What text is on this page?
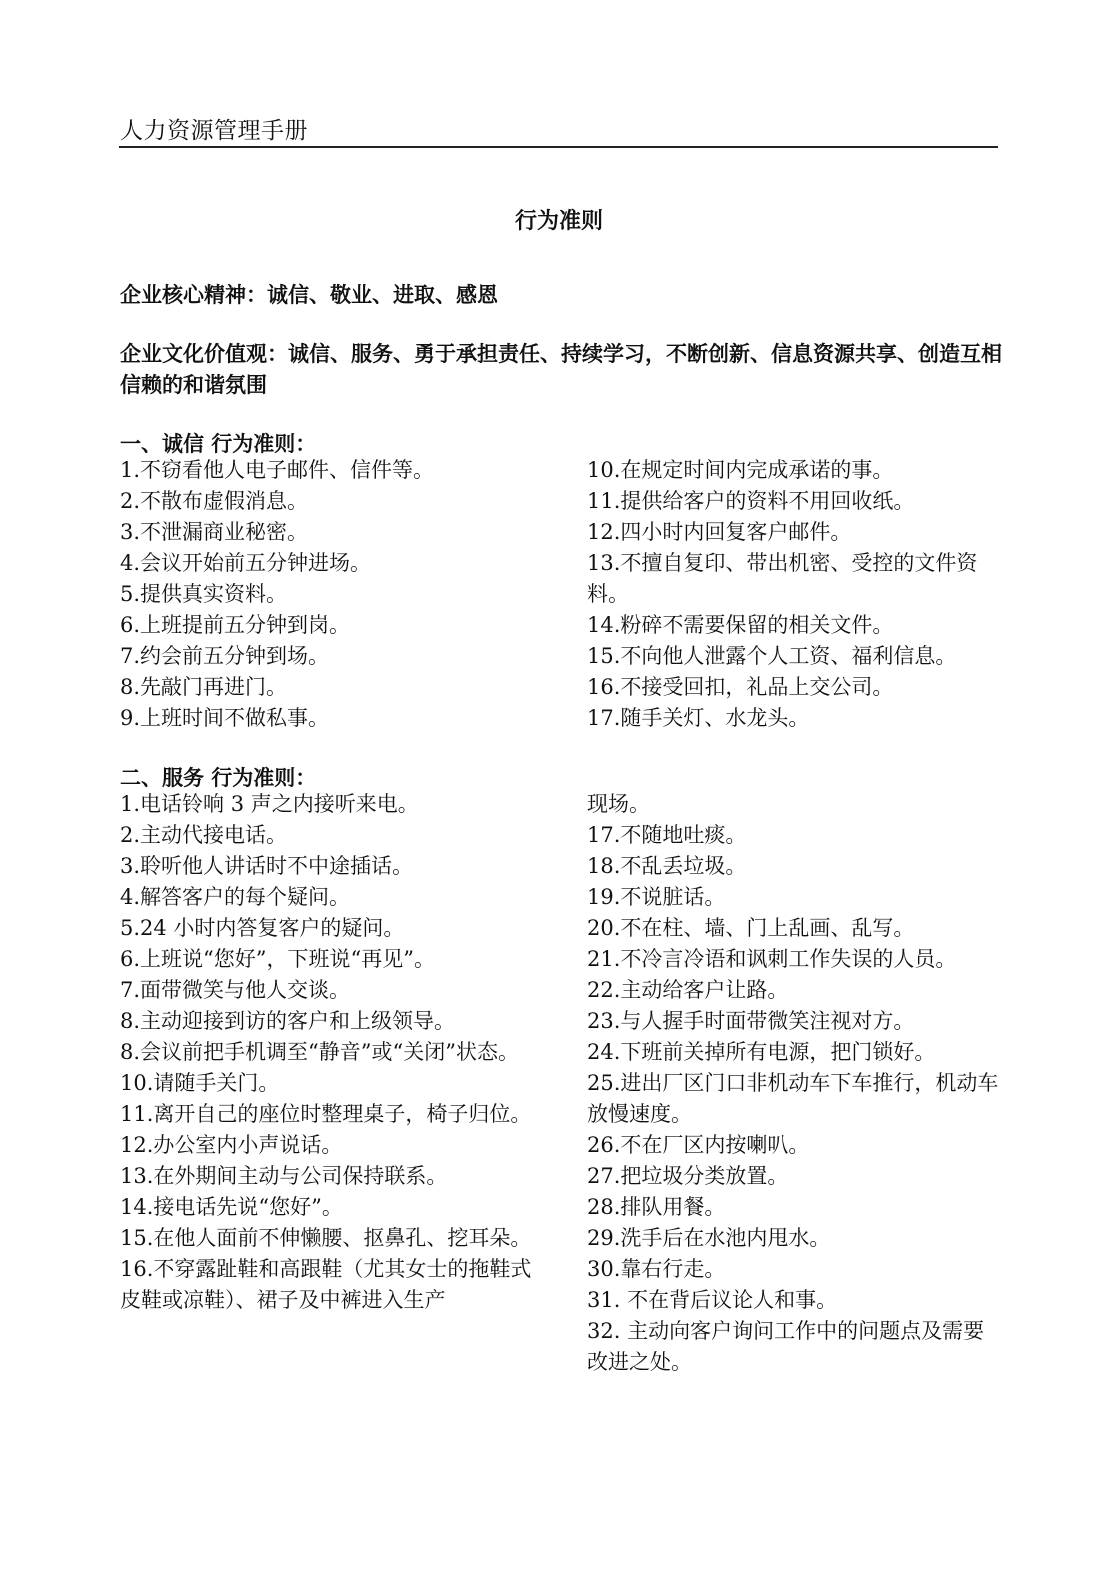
人力资源管理手册
行为准则
企业核心精神：诚信、敬业、进取、感恩
企业文化价值观：诚信、服务、勇于承担责任、持续学习，不断创新、信息资源共享、创造互相信赖的和谐氛围
一、诚信 行为准则：
1.不窃看他人电子邮件、信件等。
2.不散布虚假消息。
3.不泄漏商业秘密。
4.会议开始前五分钟进场。
5.提供真实资料。
6.上班提前五分钟到岗。
7.约会前五分钟到场。
8.先敲门再进门。
9.上班时间不做私事。
10.在规定时间内完成承诺的事。
11.提供给客户的资料不用回收纸。
12.四小时内回复客户邮件。
13.不擅自复印、带出机密、受控的文件资料。
14.粉碎不需要保留的相关文件。
15.不向他人泄露个人工资、福利信息。
16.不接受回扣，礼品上交公司。
17.随手关灯、水龙头。
二、服务 行为准则：
1.电话铃响 3 声之内接听来电。
2.主动代接电话。
3.聆听他人讲话时不中途插话。
4.解答客户的每个疑问。
5.24 小时内答复客户的疑问。
6.上班说“您好”，下班说“再见”。
7.面带微笑与他人交谈。
8.主动迎接到访的客户和上级领导。
8.会议前把手机调至“静音”或“关闭”状态。
10.请随手关门。
11.离开自己的座位时整理桌子，椅子归位。
12.办公室内小声说话。
13.在外期间主动与公司保持联系。
14.接电话先说“您好”。
15.在他人面前不伸懒腰、抠鼻孔、挖耳朵。
16.不穿露趾鞋和高跟鞋（尤其女士的拖鞋式皮鞋或凉鞋）、裙子及中裤进入生产
现场。
17.不随地吐痰。
18.不乱丢垃圾。
19.不说脏话。
20.不在柱、墙、门上乱画、乱写。
21.不冷言冷语和讽刺工作失误的人员。
22.主动给客户让路。
23.与人握手时面带微笑注视对方。
24.下班前关掉所有电源，把门锁好。
25.进出厂区门口非机动车下车推行，机动车放慢速度。
26.不在厂区内按喇叭。
27.把垃圾分类放置。
28.排队用餐。
29.洗手后在水池内甩水。
30.靠右行走。
31. 不在背后议论人和事。
32. 主动向客户询问工作中的问题点及需要改进之处。
